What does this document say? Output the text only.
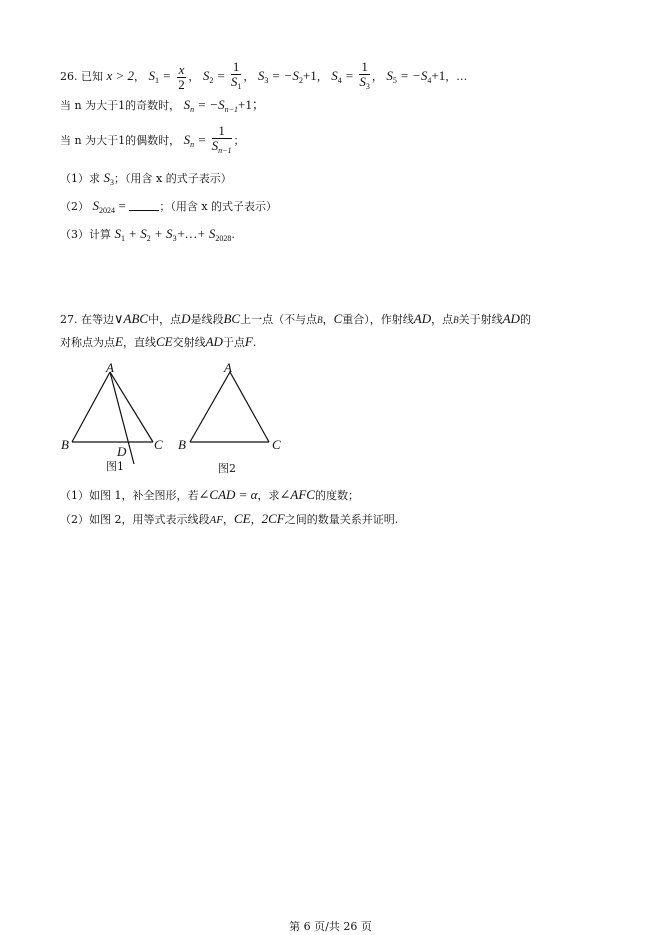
26. 已知 x > 2， $S_1 = \frac{x}{2}$ ， $S_2 = \frac{1}{S_1}$ ， $S_3 = -S_2+1$， $S_4 = \frac{1}{S_3}$ ， $S_5 = -S_4+1$，…
当 n 为大于1的奇数时， $S_n = -S_{n-1}+1$；
当 n 为大于1的偶数时， $S_n = \frac{1}{S_{n-1}}$ ；
（1）求 $S_3$；（用含 x 的式子表示）
（2） $S_{2024}$ =	；（用含 x 的式子表示）
（3）计算 $S_1 + S_2$ + $S_3+\dots+ S_{2028}$.
27. 在等边∨ABC中，点D是线段BC上一点（不与点B，C重合），作射线AD，点B关于射线AD的
对称点为点E，直线CE交射线AD于点F.
A
B	C
D
图1
A
B	C
图2
（1）如图 1，补全图形，若∠CAD = α，求∠AFC的度数；
（2）如图 2，用等式表示线段AF，CE，2CF之间的数量关系并证明.
第 6 页/共 26 页
